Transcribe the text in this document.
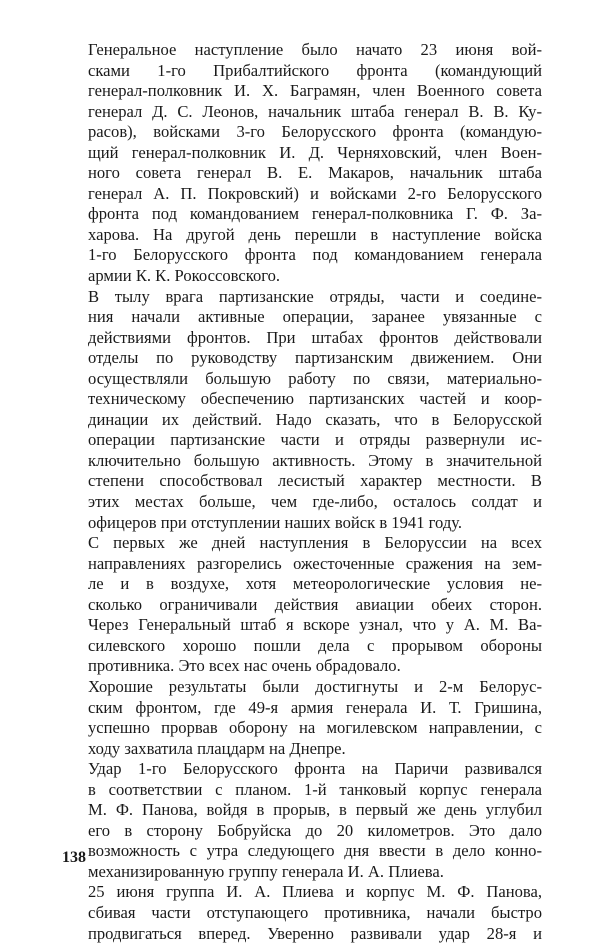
Генеральное наступление было начато 23 июня вой-
сками 1-го Прибалтийского фронта (командующий
генерал-полковник И. Х. Баграмян, член Военного совета
генерал Д. С. Леонов, начальник штаба генерал В. В. Ку-
расов), войсками 3-го Белорусского фронта (командую-
щий генерал-полковник И. Д. Черняховский, член Воен-
ного совета генерал В. Е. Макаров, начальник штаба
генерал А. П. Покровский) и войсками 2-го Белорусского
фронта под командованием генерал-полковника Г. Ф. За-
харова. На другой день перешли в наступление войска
1-го Белорусского фронта под командованием генерала
армии К. К. Рокоссовского.

В тылу врага партизанские отряды, части и соедине-
ния начали активные операции, заранее увязанные с
действиями фронтов. При штабах фронтов действовали
отделы по руководству партизанским движением. Они
осуществляли большую работу по связи, материально-
техническому обеспечению партизанских частей и коор-
динации их действий. Надо сказать, что в Белорусской
операции партизанские части и отряды развернули ис-
ключительно большую активность. Этому в значительной
степени способствовал лесистый характер местности. В
этих местах больше, чем где-либо, осталось солдат и
офицеров при отступлении наших войск в 1941 году.

С первых же дней наступления в Белоруссии на всех
направлениях разгорелись ожесточенные сражения на зем-
ле и в воздухе, хотя метеорологические условия не-
сколько ограничивали действия авиации обеих сторон.
Через Генеральный штаб я вскоре узнал, что у А. М. Ва-
силевского хорошо пошли дела с прорывом обороны
противника. Это всех нас очень обрадовало.

Хорошие результаты были достигнуты и 2-м Белорус-
ским фронтом, где 49-я армия генерала И. Т. Гришина,
успешно прорвав оборону на могилевском направлении, с
ходу захватила плацдарм на Днепре.

Удар 1-го Белорусского фронта на Паричи развивался
в соответствии с планом. 1-й танковый корпус генерала
М. Ф. Панова, войдя в прорыв, в первый же день углубил
его в сторону Бобруйска до 20 километров. Это дало
возможность с утра следующего дня ввести в дело конно-
механизированную группу генерала И. А. Плиева.

25 июня группа И. А. Плиева и корпус М. Ф. Панова,
сбивая части отступающего противника, начали быстро
продвигаться вперед. Уверенно развивали удар 28-я и

138
